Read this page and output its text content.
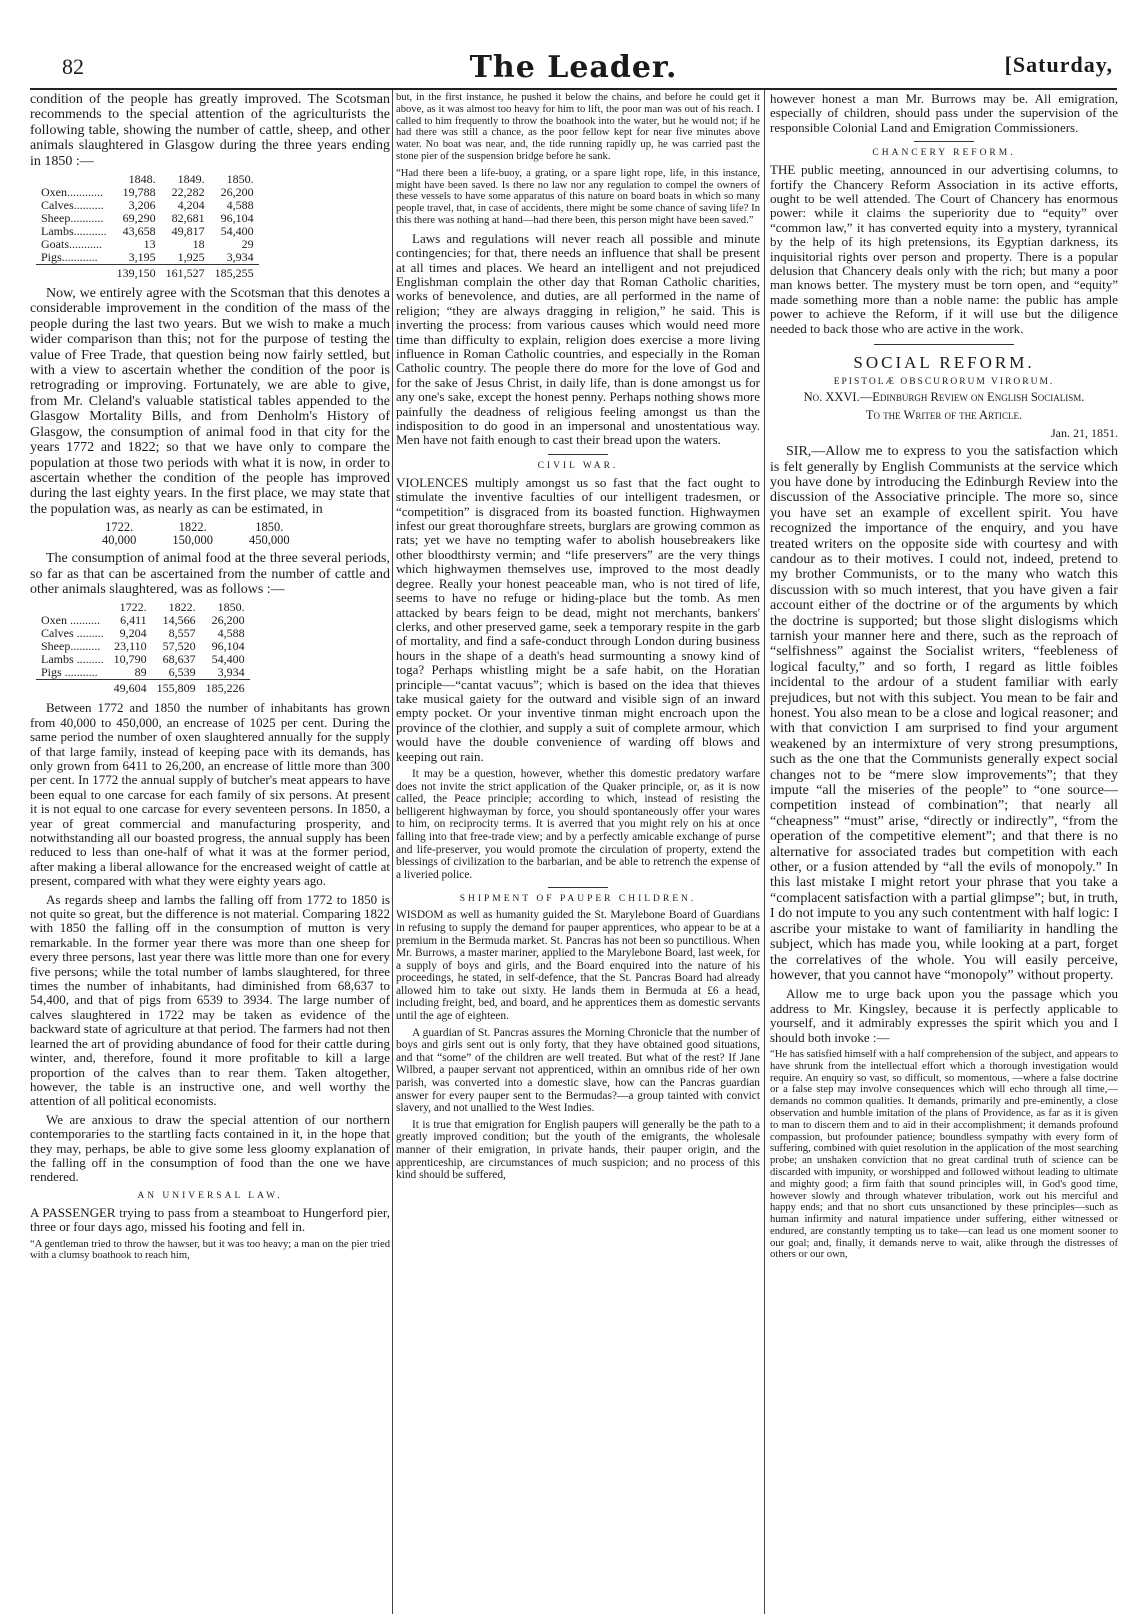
82	The Leader.	[Saturday,

condition of the people has greatly improved. The Scotsman recommends to the special attention of the agriculturists the following table, showing the number of cattle, sheep, and other animals slaughtered in Glasgow during the three years ending in 1850 :—

	1848.	1849.	1850.
Oxen............	19,788	22,282	26,200
Calves..........	3,206	4,204	4,588
Sheep...........	69,290	82,681	96,104
Lambs...........	43,658	49,817	54,400
Goats...........	13	18	29
Pigs............	3,195	1,925	3,934
	139,150	161,527	185,255

Now, we entirely agree with the Scotsman that this denotes a considerable improvement in the condition of the mass of the people during the last two years. But we wish to make a much wider comparison than this; not for the purpose of testing the value of Free Trade, that question being now fairly settled, but with a view to ascertain whether the condition of the poor is retrograding or improving. Fortunately, we are able to give, from Mr. Cleland's valuable statistical tables appended to the Glasgow Mortality Bills, and from Denholm's History of Glasgow, the consumption of animal food in that city for the years 1772 and 1822; so that we have only to compare the population at those two periods with what it is now, in order to ascertain whether the condition of the people has improved during the last eighty years. In the first place, we may state that the population was, as nearly as can be estimated, in

1722.	1822.	1850.
40,000	150,000	450,000

The consumption of animal food at the three several periods, so far as that can be ascertained from the number of cattle and other animals slaughtered, was as follows :—

	1722.	1822.	1850.
Oxen ..........	6,411	14,566	26,200
Calves .........	9,204	8,557	4,588
Sheep..........	23,110	57,520	96,104
Lambs .........	10,790	68,637	54,400
Pigs ...........	89	6,539	3,934
	49,604	155,809	185,226

Between 1772 and 1850 the number of inhabitants has grown from 40,000 to 450,000, an encrease of 1025 per cent. During the same period the number of oxen slaughtered annually for the supply of that large family, instead of keeping pace with its demands, has only grown from 6411 to 26,200, an encrease of little more than 300 per cent. In 1772 the annual supply of butcher's meat appears to have been equal to one carcase for each family of six persons. At present it is not equal to one carcase for every seventeen persons. In 1850, a year of great commercial and manufacturing prosperity, and notwithstanding all our boasted progress, the annual supply has been reduced to less than one-half of what it was at the former period, after making a liberal allowance for the encreased weight of cattle at present, compared with what they were eighty years ago.

As regards sheep and lambs the falling off from 1772 to 1850 is not quite so great, but the difference is not material. Comparing 1822 with 1850 the falling off in the consumption of mutton is very remarkable. In the former year there was more than one sheep for every three persons, last year there was little more than one for every five persons; while the total number of lambs slaughtered, for three times the number of inhabitants, had diminished from 68,637 to 54,400, and that of pigs from 6539 to 3934. The large number of calves slaughtered in 1722 may be taken as evidence of the backward state of agriculture at that period. The farmers had not then learned the art of providing abundance of food for their cattle during winter, and, therefore, found it more profitable to kill a large proportion of the calves than to rear them. Taken altogether, however, the table is an instructive one, and well worthy the attention of all political economists.

We are anxious to draw the special attention of our northern contemporaries to the startling facts contained in it, in the hope that they may, perhaps, be able to give some less gloomy explanation of the falling off in the consumption of food than the one we have rendered.

AN UNIVERSAL LAW.

A PASSENGER trying to pass from a steamboat to Hungerford pier, three or four days ago, missed his footing and fell in.

“A gentleman tried to throw the hawser, but it was too heavy; a man on the pier tried with a clumsy boathook to reach him,

but, in the first instance, he pushed it below the chains, and before he could get it above, as it was almost too heavy for him to lift, the poor man was out of his reach. I called to him frequently to throw the boathook into the water, but he would not; if he had there was still a chance, as the poor fellow kept for near five minutes above water. No boat was near, and, the tide running rapidly up, he was carried past the stone pier of the suspension bridge before he sank.

“Had there been a life-buoy, a grating, or a spare light rope, life, in this instance, might have been saved. Is there no law nor any regulation to compel the owners of these vessels to have some apparatus of this nature on board boats in which so many people travel, that, in case of accidents, there might be some chance of saving life? In this there was nothing at hand—had there been, this person might have been saved.”

Laws and regulations will never reach all possible and minute contingencies; for that, there needs an influence that shall be present at all times and places. We heard an intelligent and not prejudiced Englishman complain the other day that Roman Catholic charities, works of benevolence, and duties, are all performed in the name of religion; “they are always dragging in religion,” he said. This is inverting the process: from various causes which would need more time than difficulty to explain, religion does exercise a more living influence in Roman Catholic countries, and especially in the Roman Catholic country. The people there do more for the love of God and for the sake of Jesus Christ, in daily life, than is done amongst us for any one's sake, except the honest penny. Perhaps nothing shows more painfully the deadness of religious feeling amongst us than the indisposition to do good in an impersonal and unostentatious way. Men have not faith enough to cast their bread upon the waters.

CIVIL WAR.

VIOLENCES multiply amongst us so fast that the fact ought to stimulate the inventive faculties of our intelligent tradesmen, or “competition” is disgraced from its boasted function. Highwaymen infest our great thoroughfare streets, burglars are growing common as rats; yet we have no tempting wafer to abolish housebreakers like other bloodthirsty vermin; and “life preservers” are the very things which highwaymen themselves use, improved to the most deadly degree. Really your honest peaceable man, who is not tired of life, seems to have no refuge or hiding-place but the tomb. As men attacked by bears feign to be dead, might not merchants, bankers' clerks, and other preserved game, seek a temporary respite in the garb of mortality, and find a safe-conduct through London during business hours in the shape of a death's head surmounting a snowy kind of toga? Perhaps whistling might be a safe habit, on the Horatian principle—“cantat vacuus”; which is based on the idea that thieves take musical gaiety for the outward and visible sign of an inward empty pocket. Or your inventive tinman might encroach upon the province of the clothier, and supply a suit of complete armour, which would have the double convenience of warding off blows and keeping out rain.

It may be a question, however, whether this domestic predatory warfare does not invite the strict application of the Quaker principle, or, as it is now called, the Peace principle; according to which, instead of resisting the belligerent highwayman by force, you should spontaneously offer your wares to him, on reciprocity terms. It is averred that you might rely on his at once falling into that free-trade view; and by a perfectly amicable exchange of purse and life-preserver, you would promote the circulation of property, extend the blessings of civilization to the barbarian, and be able to retrench the expense of a liveried police.

SHIPMENT OF PAUPER CHILDREN.

WISDOM as well as humanity guided the St. Marylebone Board of Guardians in refusing to supply the demand for pauper apprentices, who appear to be at a premium in the Bermuda market. St. Pancras has not been so punctilious. When Mr. Burrows, a master mariner, applied to the Marylebone Board, last week, for a supply of boys and girls, and the Board enquired into the nature of his proceedings, he stated, in self-defence, that the St. Pancras Board had already allowed him to take out sixty. He lands them in Bermuda at £6 a head, including freight, bed, and board, and he apprentices them as domestic servants until the age of eighteen.

A guardian of St. Pancras assures the Morning Chronicle that the number of boys and girls sent out is only forty, that they have obtained good situations, and that “some” of the children are well treated. But what of the rest? If Jane Wilbred, a pauper servant not apprenticed, within an omnibus ride of her own parish, was converted into a domestic slave, how can the Pancras guardian answer for every pauper sent to the Bermudas?—a group tainted with convict slavery, and not unallied to the West Indies.

It is true that emigration for English paupers will generally be the path to a greatly improved condition; but the youth of the emigrants, the wholesale manner of their emigration, in private hands, their pauper origin, and the apprenticeship, are circumstances of much suspicion; and no process of this kind should be suffered,

however honest a man Mr. Burrows may be. All emigration, especially of children, should pass under the supervision of the responsible Colonial Land and Emigration Commissioners.

CHANCERY REFORM.

THE public meeting, announced in our advertising columns, to fortify the Chancery Reform Association in its active efforts, ought to be well attended. The Court of Chancery has enormous power: while it claims the superiority due to “equity” over “common law,” it has converted equity into a mystery, tyrannical by the help of its high pretensions, its Egyptian darkness, its inquisitorial rights over person and property. There is a popular delusion that Chancery deals only with the rich; but many a poor man knows better. The mystery must be torn open, and “equity” made something more than a noble name: the public has ample power to achieve the Reform, if it will use but the diligence needed to back those who are active in the work.

SOCIAL REFORM.

EPISTOLÆ OBSCURORUM VIRORUM.

No. XXVI.—Edinburgh Review on English Socialism.

To the Writer of the Article.

Jan. 21, 1851.

SIR,—Allow me to express to you the satisfaction which is felt generally by English Communists at the service which you have done by introducing the Edinburgh Review into the discussion of the Associative principle. The more so, since you have set an example of excellent spirit. You have recognized the importance of the enquiry, and you have treated writers on the opposite side with courtesy and with candour as to their motives. I could not, indeed, pretend to my brother Communists, or to the many who watch this discussion with so much interest, that you have given a fair account either of the doctrine or of the arguments by which the doctrine is supported; but those slight dislogisms which tarnish your manner here and there, such as the reproach of “selfishness” against the Socialist writers, “feebleness of logical faculty,” and so forth, I regard as little foibles incidental to the ardour of a student familiar with early prejudices, but not with this subject. You mean to be fair and honest. You also mean to be a close and logical reasoner; and with that conviction I am surprised to find your argument weakened by an intermixture of very strong presumptions, such as the one that the Communists generally expect social changes not to be “mere slow improvements”; that they impute “all the miseries of the people” to “one source—competition instead of combination”; that nearly all “cheapness” “must” arise, “directly or indirectly”, “from the operation of the competitive element”; and that there is no alternative for associated trades but competition with each other, or a fusion attended by “all the evils of monopoly.” In this last mistake I might retort your phrase that you take a “complacent satisfaction with a partial glimpse”; but, in truth, I do not impute to you any such contentment with half logic: I ascribe your mistake to want of familiarity in handling the subject, which has made you, while looking at a part, forget the correlatives of the whole. You will easily perceive, however, that you cannot have “monopoly” without property.

Allow me to urge back upon you the passage which you address to Mr. Kingsley, because it is perfectly applicable to yourself, and it admirably expresses the spirit which you and I should both invoke :—

“He has satisfied himself with a half comprehension of the subject, and appears to have shrunk from the intellectual effort which a thorough investigation would require. An enquiry so vast, so difficult, so momentous, —where a false doctrine or a false step may involve consequences which will echo through all time,—demands no common qualities. It demands, primarily and pre-eminently, a close observation and humble imitation of the plans of Providence, as far as it is given to man to discern them and to aid in their accomplishment; it demands profound compassion, but profounder patience; boundless sympathy with every form of suffering, combined with quiet resolution in the application of the most searching probe; an unshaken conviction that no great cardinal truth of science can be discarded with impunity, or worshipped and followed without leading to ultimate and mighty good; a firm faith that sound principles will, in God's good time, however slowly and through whatever tribulation, work out his merciful and happy ends; and that no short cuts unsanctioned by these principles—such as human infirmity and natural impatience under suffering, either witnessed or endured, are constantly tempting us to take—can lead us one moment sooner to our goal; and, finally, it demands nerve to wait, alike through the distresses of others or our own,
